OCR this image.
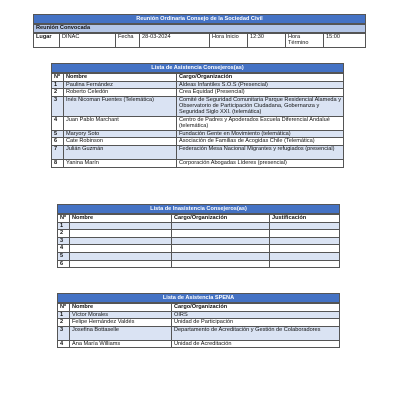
Reunión Ordinaria Consejo de la Sociedad Civil
Reunión Convocada
Lugar	DINAC	Fecha	28-03-2024	Hora Inicio	12:30	Hora Término	15:00
Lista de Asistencia Consejeros(as)
Nº	Nombre	Cargo/Organización
1	Paulina Fernández	Aldeas Infantiles S.O.S (Presencial)
2	Roberto Celedón	Crea Equidad (Presencial)
3	Inés Nicoman Fuentes (Telemática)	Comité de Seguridad Comunitaria Parque Residencial Alameda y Observatorio de Participación Ciudadana, Gobernanza y Seguridad Siglo XXI. (telemática)
4	Juan Pablo Marchant	Centro de Padres y Apoderados Escuela Diferencial Andalué (telemática)
5	Maryory Soto	Fundación Gente en Movimiento (telemática)
6	Cate Robinson	Asociación de Familias de Acogidas Chile (Telemática)
7	Julián Guzmán	Federación Mesa Nacional Migrantes y refugiados (presencial)
8	Yanina Marín	Corporación Abogadas Líderes (presencial)
Lista de Inasistencia Consejeros(as)
Nº	Nombre	Cargo/Organización	Justificación
1			
2			
3			
4			
5			
6			
Lista de Asistencia SPENA
Nº	Nombre	Cargo/Organización
1	Víctor Morales	OIRS
2	Felipe Hernández Valdés	Unidad de Participación
3	Josefina Bottaselle	Departamento de Acreditación y Gestión de Colaboradores
4	Ana María Williams	Unidad de Acreditación
